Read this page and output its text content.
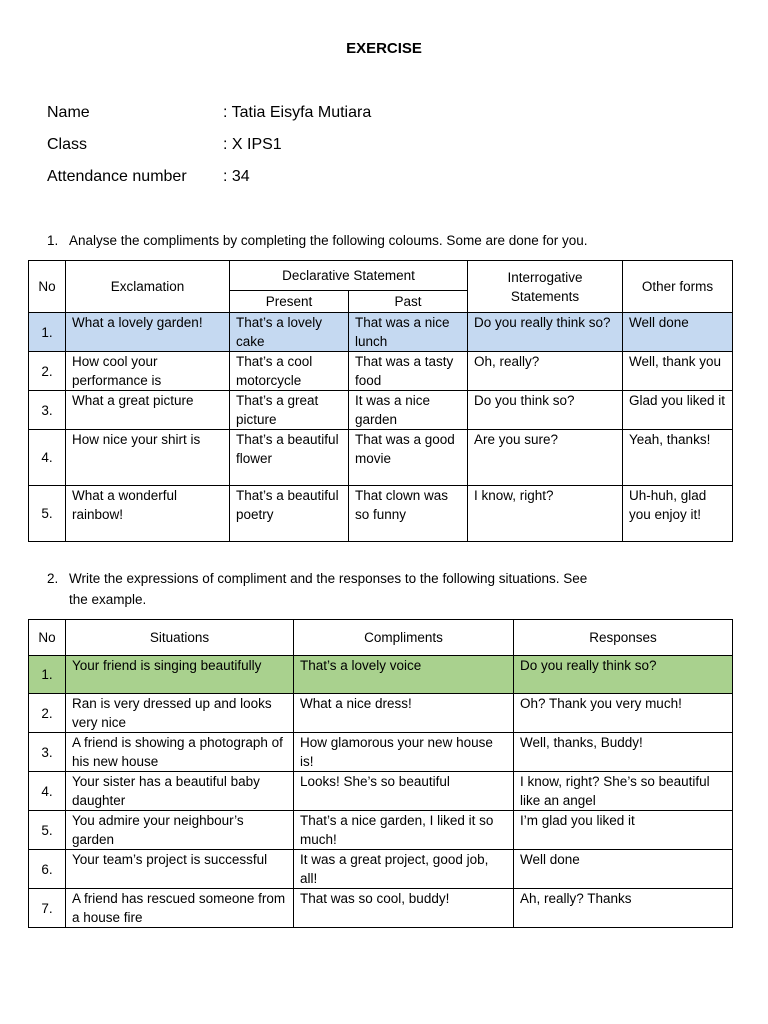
EXERCISE
Name	: Tatia Eisyfa Mutiara
Class	: X IPS1
Attendance number : 34
1. Analyse the compliments by completing the following coloums. Some are done for you.
No	Exclamation	Declarative Statement		Interrogative Statements	Other forms
		Present	Past		
1.	What a lovely garden!	That’s a lovely cake	That was a nice lunch	Do you really think so?	Well done
2.	How cool your performance is	That’s a cool motorcycle	That was a tasty food	Oh, really?	Well, thank you
3.	What a great picture	That’s a great picture	It was a nice garden	Do you think so?	Glad you liked it
4.	How nice your shirt is	That’s a beautiful flower	That was a good movie	Are you sure?	Yeah, thanks!
5.	What a wonderful rainbow!	That’s a beautiful poetry	That clown was so funny	I know, right?	Uh-huh, glad you enjoy it!
2. Write the expressions of compliment and the responses to the following situations. See
the example.
No	Situations	Compliments	Responses
1.	Your friend is singing beautifully	That’s a lovely voice	Do you really think so?
2.	Ran is very dressed up and looks very nice	What a nice dress!	Oh? Thank you very much!
3.	A friend is showing a photograph of his new house	How glamorous your new house is!	Well, thanks, Buddy!
4.	Your sister has a beautiful baby daughter	Looks! She’s so beautiful	I know, right? She’s so beautiful like an angel
5.	You admire your neighbour’s garden	That’s a nice garden, I liked it so much!	I’m glad you liked it
6.	Your team’s project is successful	It was a great project, good job, all!	Well done
7.	A friend has rescued someone from a house fire	That was so cool, buddy!	Ah, really? Thanks
